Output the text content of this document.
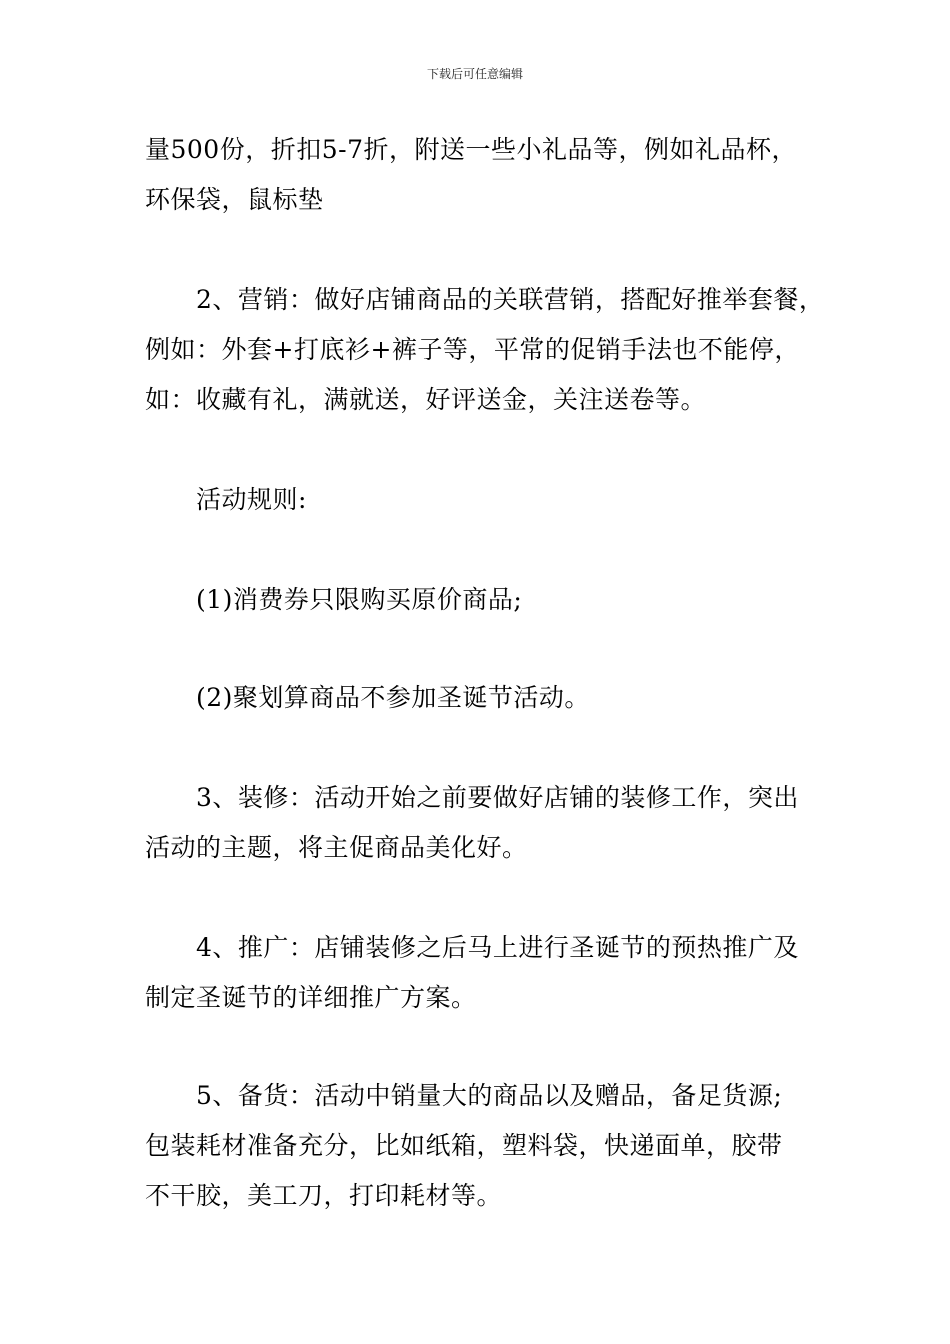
下载后可任意编辑
量500份，折扣5-7折，附送一些小礼品等，例如礼品杯，
环保袋，鼠标垫
　　2、营销：做好店铺商品的关联营销，搭配好推举套餐，
例如：外套+打底衫+裤子等，平常的促销手法也不能停，
如：收藏有礼，满就送，好评送金，关注送卷等。
　　活动规则:
　　(1)消费券只限购买原价商品;
　　(2)聚划算商品不参加圣诞节活动。
　　3、装修：活动开始之前要做好店铺的装修工作，突出
活动的主题，将主促商品美化好。
　　4、推广：店铺装修之后马上进行圣诞节的预热推广及
制定圣诞节的详细推广方案。
　　5、备货：活动中销量大的商品以及赠品，备足货源;
包装耗材准备充分，比如纸箱，塑料袋，快递面单，胶带
不干胶，美工刀，打印耗材等。
